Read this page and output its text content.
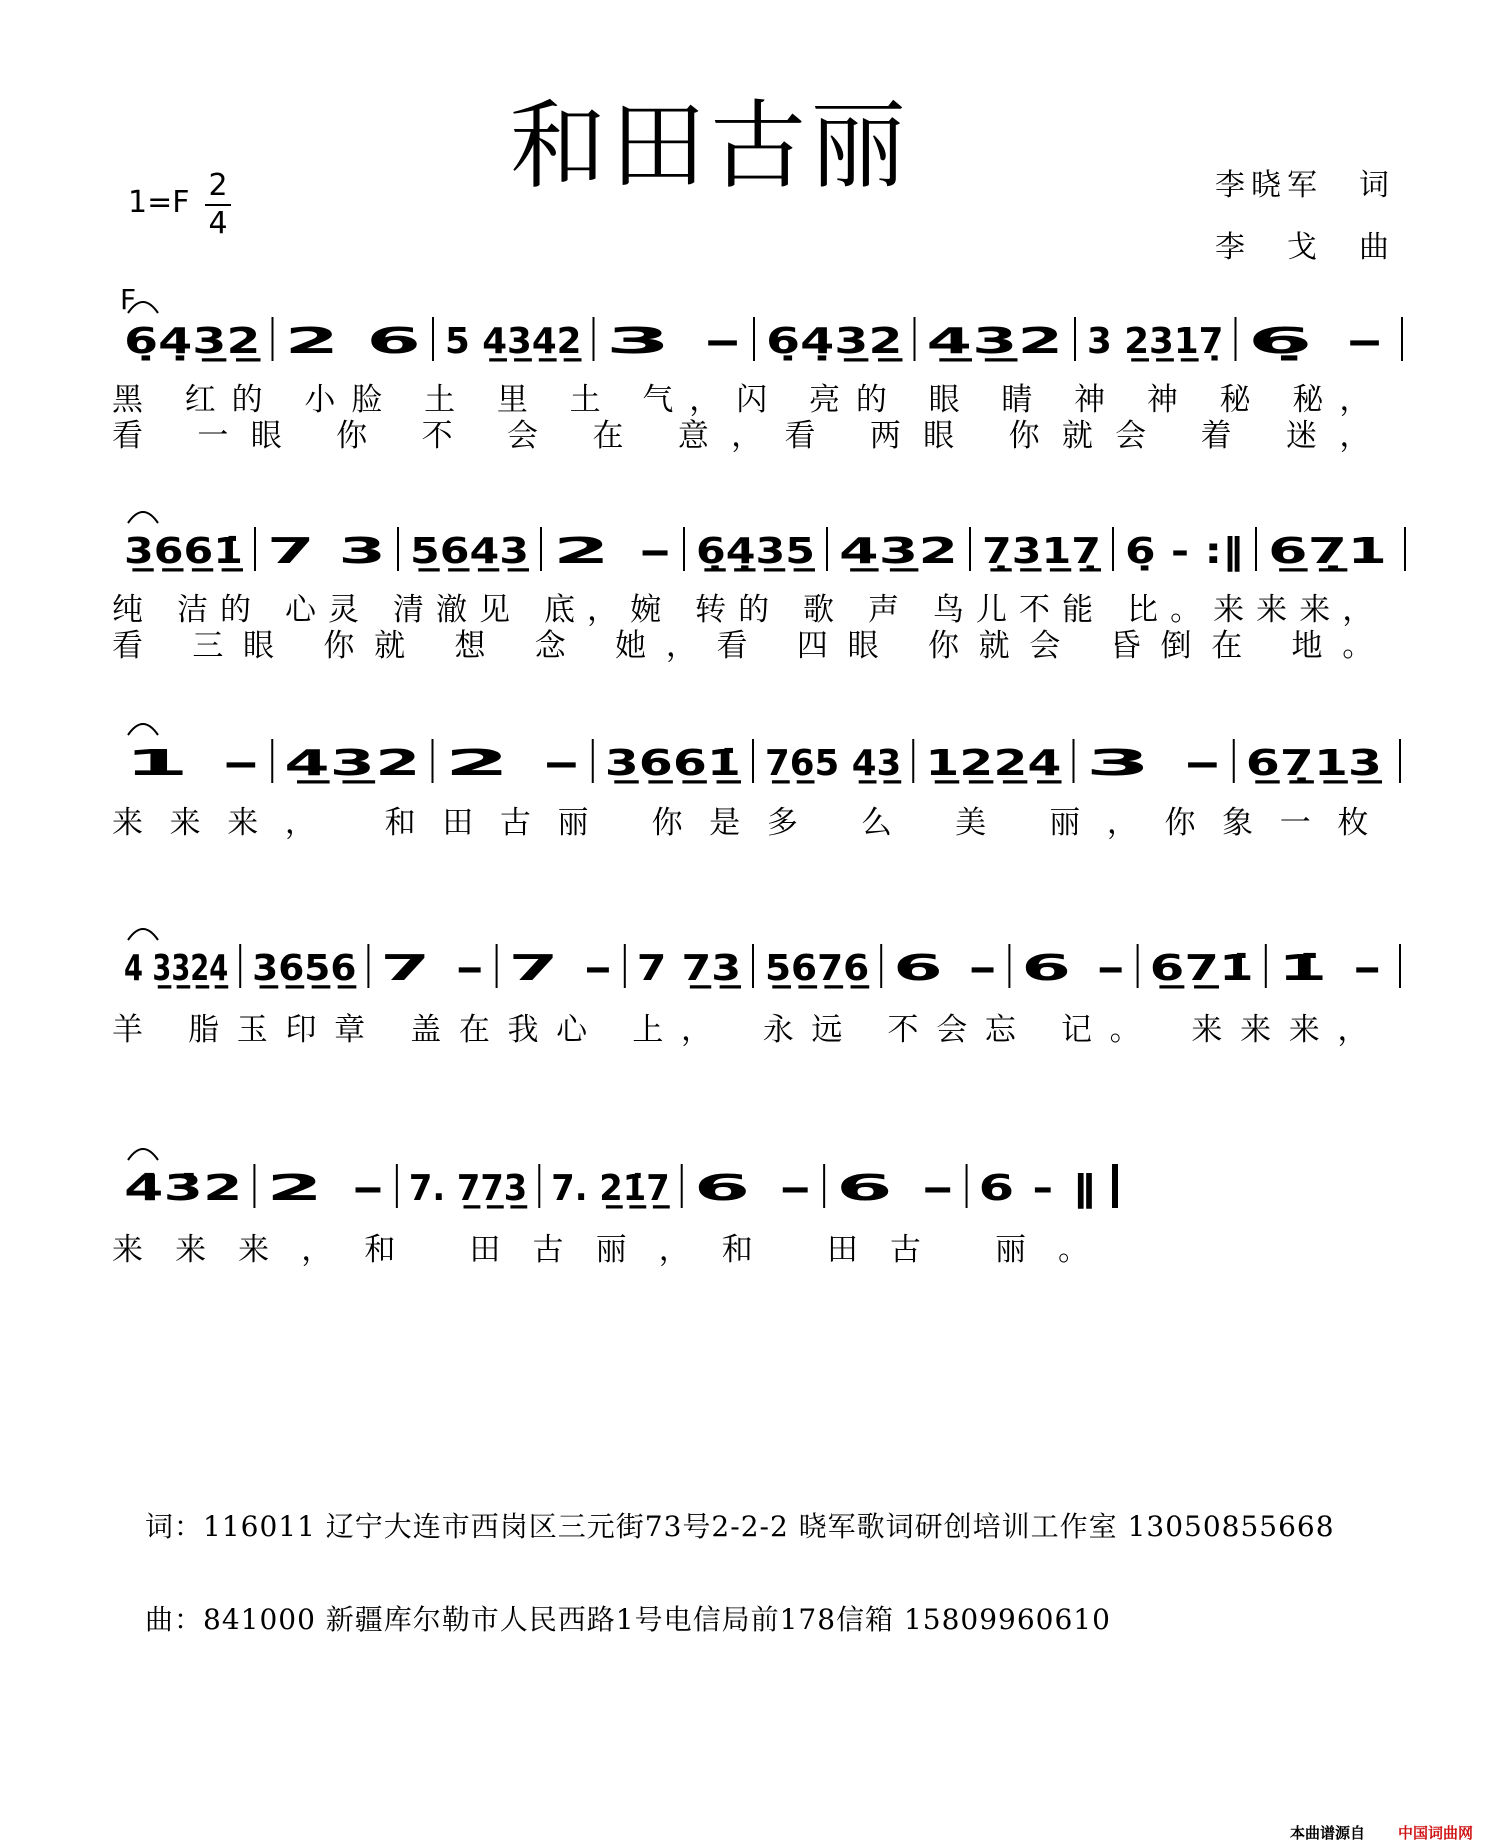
和田古丽
1=F 2
4
李晓军　词
李　戈　曲
F
6̣4̣3̲2̲ 2 6 5 4̲3̲4̲2̲ 3 - 6̣4̣3̲2̲ 4̲3̲2 3 2̲3̲1̲7̣ 6̣ -
黑 红的 小脸 土 里 土 气，闪 亮的 眼 睛 神 神 秘 秘，
看 一眼 你 不 会 在 意，看 两眼 你就会 着 迷，
3̲6̲6̲1̲̇ 7 3 5̲6̲4̲3̲ 2 - 6̣̲4̣̲3̲5̲ 4̲3̲2 7̣̲3̲1̲7̣̲ 6̣ - :‖ 6̲7̣̲1
纯 洁的 心灵 清澈见 底，婉 转的 歌 声 鸟儿不能 比。来来来，
看 三眼 你就 想 念 她，看 四眼 你就会 昏倒在 地。
1 - 4̲3̲2 2 - 3̲6̲6̲1̲̇ 7̲6̲5 4̲3̲ 1̲2̲2̲4̲ 3 - 6̲7̣̲1̲3̲
来来来，　和田古丽 你是多 么 美 丽，你象一枚
4 3̲3̲2̲4̲ 3̲6̲5̲6̲ 7 - 7 - 7 7̲3̲ 5̲6̲7̲6̲ 6 - 6 - 6̲7̲1̇ 1̇ -
羊 脂玉印章 盖在我心 上，　永远 不会忘 记。　来来来，
4̇3̇2 2 - 7. 7̲7̲3̲ 7. 2̲1̲̇7̲ 6 - 6 - 6 - ‖
来来来，和 田古丽，和 田古 丽。
词：116011 辽宁大连市西岗区三元街73号2-2-2 晓军歌词研创培训工作室 13050855668
曲：841000 新疆库尔勒市人民西路1号电信局前178信箱 15809960610
本曲谱源自 中国词曲网
